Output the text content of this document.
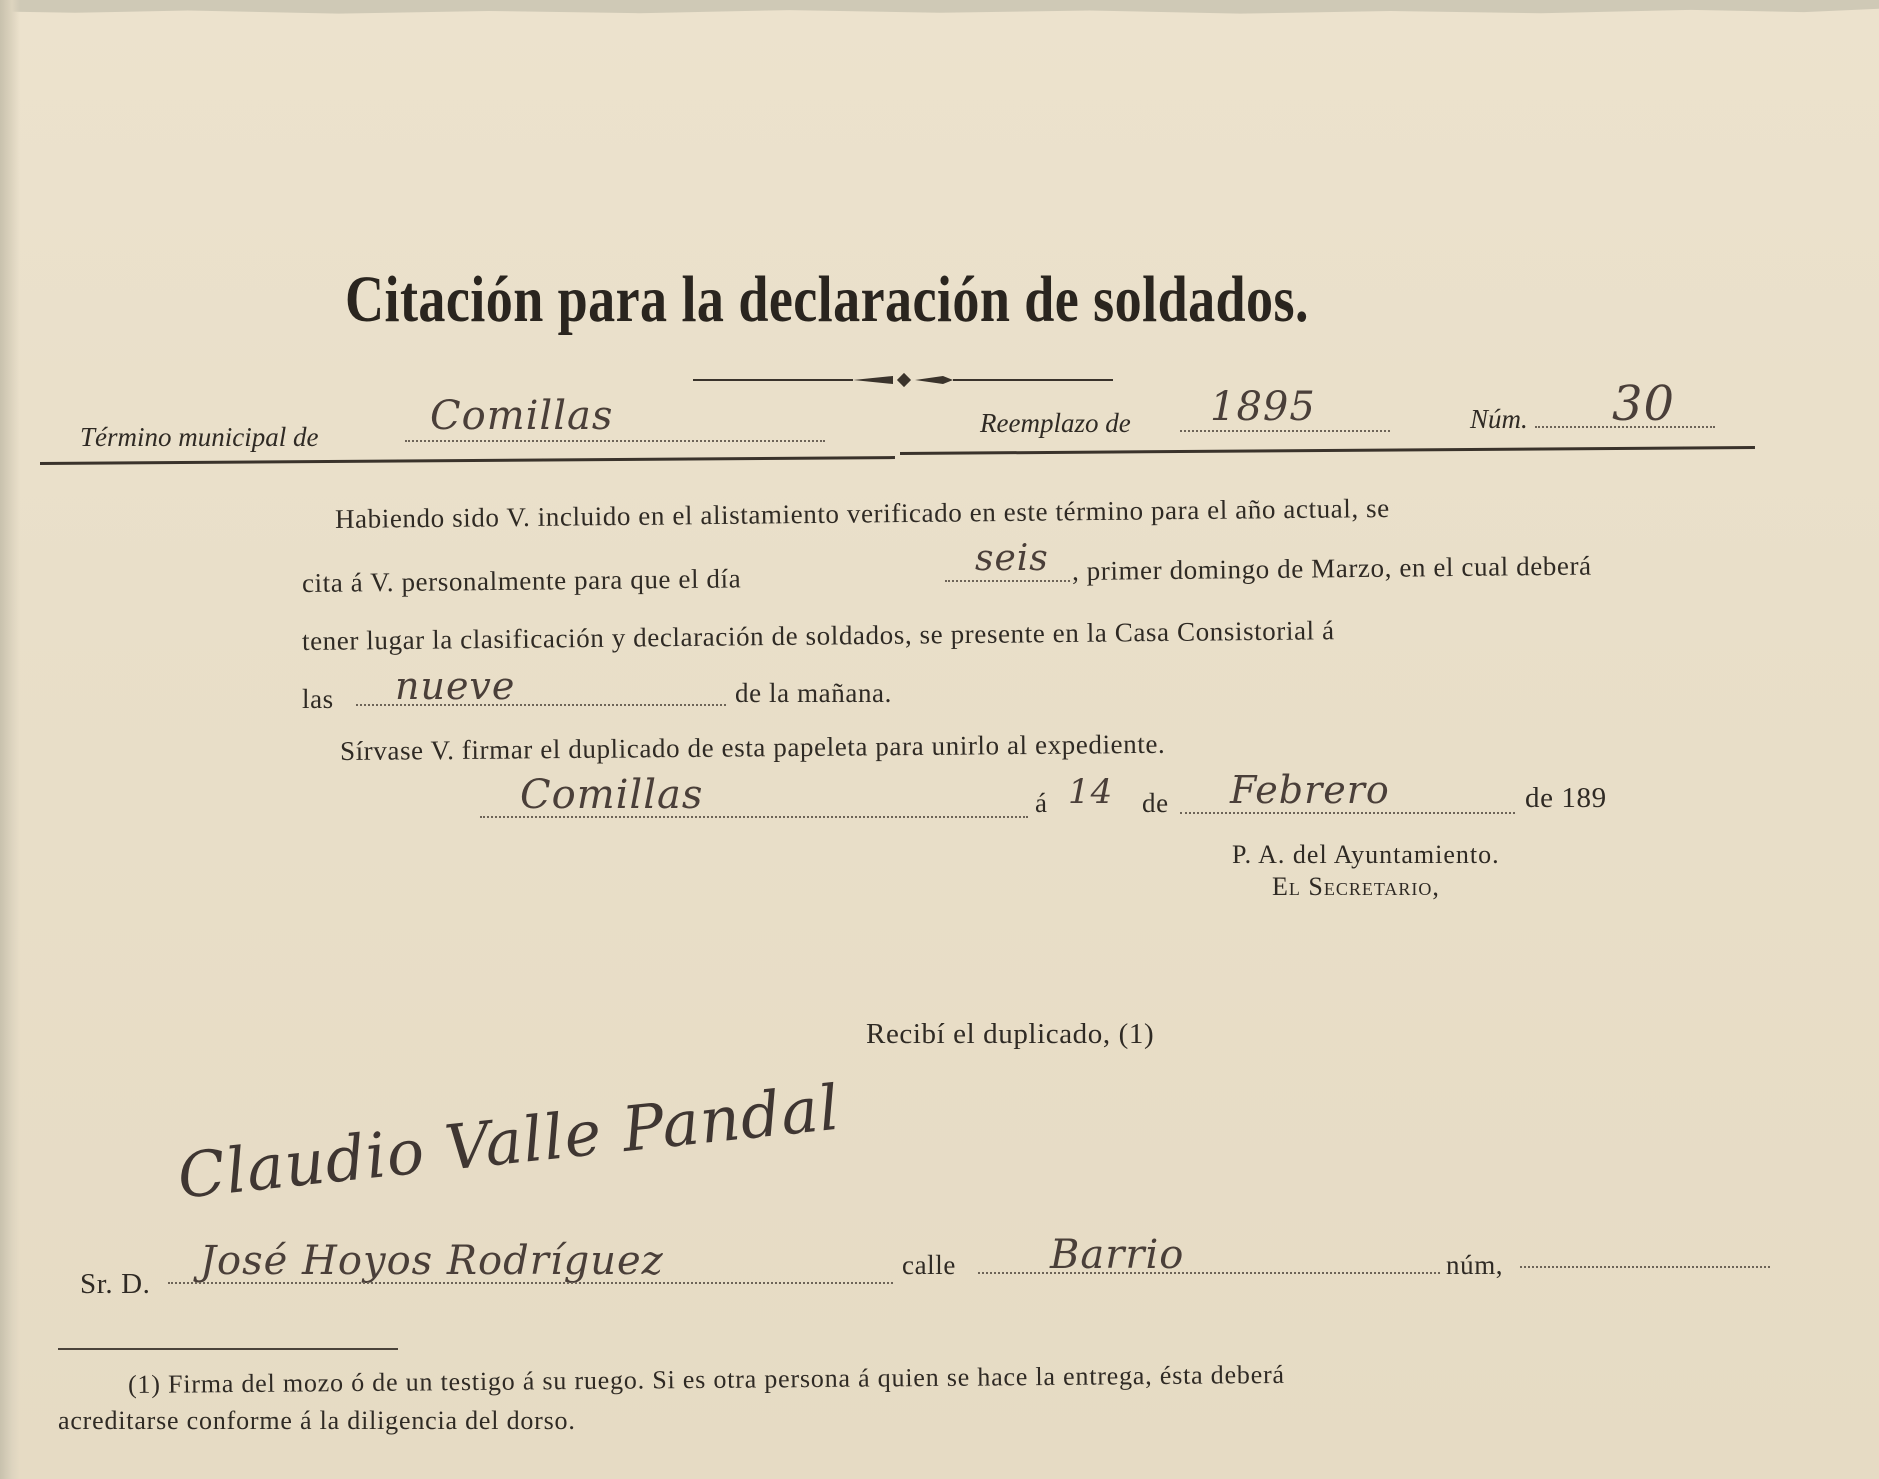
Citación para la declaración de soldados.
Término municipal de	Comillas	Reemplazo de 1895	Núm. 30
Habiendo sido V. incluido en el alistamiento verificado en este término para el año actual, se
cita á V. personalmente para que el día
seis , primer domingo de Marzo, en el cual deberá
tener lugar la clasificación y declaración de soldados, se presente en la Casa Consistorial á
las nueve	de la mañana.
Sírvase V. firmar el duplicado de esta papeleta para unirlo al expediente.
Comillas	á 14 de Febrero	de 189
P. A. del Ayuntamiento.
El Secretario,
Recibí el duplicado, (1)
Claudio Valle Pandal
Sr. D. José Hoyos Rodríguez	calle Barrio	núm,
(1) Firma del mozo ó de un testigo á su ruego. Si es otra persona á quien se hace la entrega, ésta deberá
acreditarse conforme á la diligencia del dorso.
